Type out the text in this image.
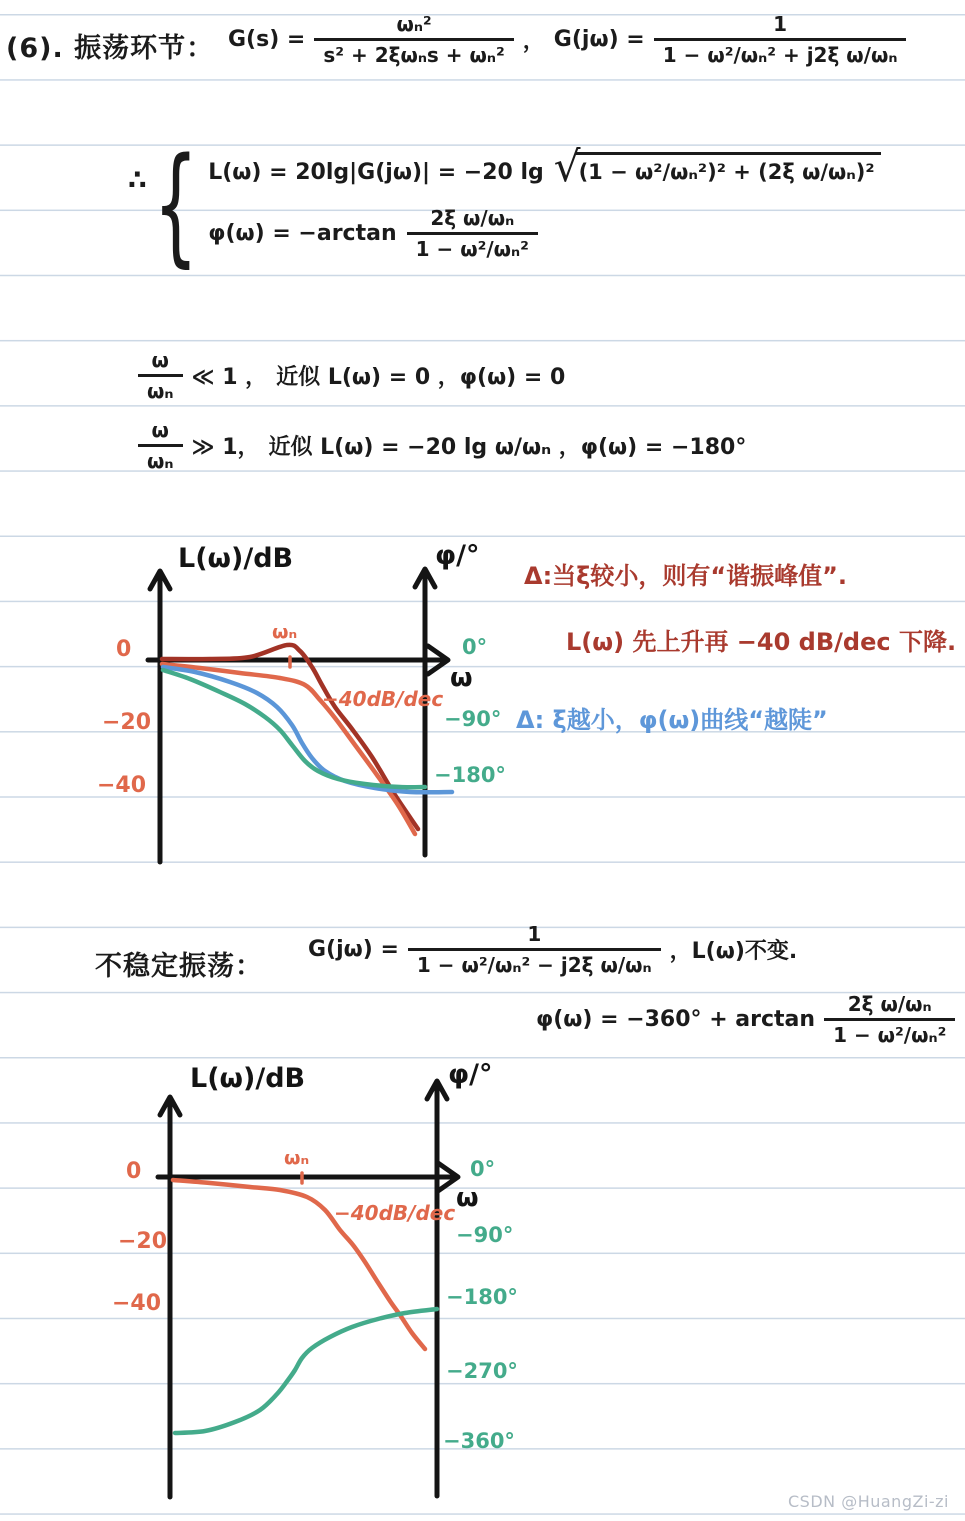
(6). 振荡环节： $G(s) = \frac{\text{ωₙ²}}{\text{s² + 2ξωₙs + ωₙ²}}$ ， $G(j\omega) = \frac{1}{\text{1 − ω²/ωₙ² + j2ξ ω/ωₙ}}$
∴ { L(ω) = 20lg|G(jω)| = −20 lg √
(1 − ω²/ωₙ²)² + (2ξ ω/ωₙ)²
$\varphi(\omega) = -\arctan \frac{\text{2ξ ω/ωₙ}}{\text{1 − ω²/ωₙ²}}$
$\frac{\omega}{\text{ωₙ}}$ ≪ 1 ， 近似 L(ω) = 0 ，φ(ω) = 0
$\frac{\omega}{\text{ωₙ}}$ ≫ 1， 近似 L(ω) = −20 lg ω/ωₙ ，φ(ω) = −180°
L(ω)/dB	φ/°
ω
0
−20
−40
0°
−90°
−180°
ωₙ
−40dB/dec
Δ:当ξ较小，则有“谐振峰值”.
L(ω) 先上升再 −40 dB/dec 下降.
Δ: ξ越小，φ(ω)曲线“越陡”
不稳定振荡：
$G(j\omega) = \frac{1}{\text{1 − ω²/ωₙ² − j2ξ ω/ωₙ}}$ ，L(ω)不变.
$\varphi(\omega) = -360^\circ + \arctan \frac{\text{2ξ ω/ωₙ}}{\text{1 − ω²/ωₙ²}}$
L(ω)/dB	φ/°
ω
0
−20
−40
0°
−90°
−180°
−270°
−360°
ωₙ
−40dB/dec
CSDN @HuangZi-zi
